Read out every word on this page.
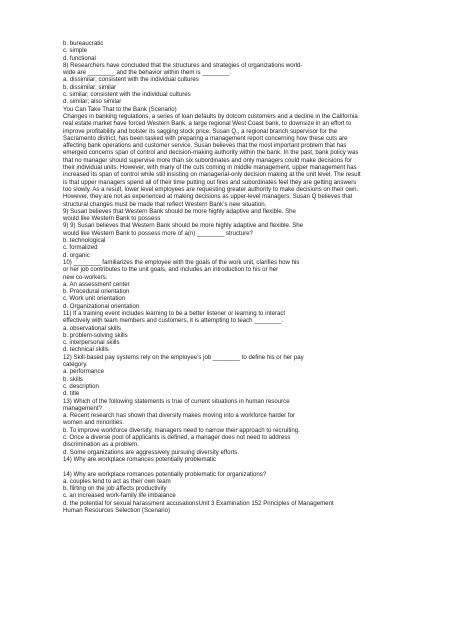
b. bureaucratic
c. simple
d. functional
8) Researchers have concluded that the structures and strategies of organizations world-
wide are ________ and the behavior within them is ________.
a. dissimilar; consistent with the individual cultures
b. dissimilar; similar
c. similar; consistent with the individual cultures
d. similar; also similar
You Can Take That to the Bank (Scenario)
Changes in banking regulations, a series of loan defaults by dotcom customers and a decline in the California
real estate market have forced Western Bank, a large regional West Coast bank, to downsize in an effort to
improve profitability and bolster its sagging stock price. Susan Q., a regional branch supervisor for the
Sacramento district, has been tasked with preparing a management report concerning how these cuts are
affecting bank operations and customer service. Susan believes that the most important problem that has
emerged concerns span of control and decision-making authority within the bank. In the past, bank policy was
that no manager should supervise more than six subordinates and only managers could make decisions for
their individual units. However, with many of the cuts coming in middle management, upper management has
increased its span of control while still insisting on managerial-only decision making at the unit level. The result
is that upper managers spend all of their time putting out fires and subordinates feel they are getting answers
too slowly. As a result, lower level employees are requesting greater authority to make decisions on their own.
However, they are not as experienced at making decisions as upper-level managers. Susan Q believes that
structural changes must be made that reflect Western Bank’s new situation.
9) Susan believes that Western Bank should be more highly adaptive and flexible. She
would like Western Bank to possess
9) 9) Susan believes that Western Bank should be more highly adaptive and flexible. She
would like Western Bank to possess more of a(n) ________ structure?
b. technological
c. formalized
d. organic
10) ________ familiarizes the employee with the goals of the work unit, clarifies how his
or her job contributes to the unit goals, and includes an introduction to his or her
new co-workers.
a. An assessment center
b. Procedural orientation
c. Work unit orientation
d. Organizational orientation
11) If a training event includes learning to be a better listener or learning to interact
effectively with team members and customers, it is attempting to teach ________.
a. observational skills
b. problem-solving skills
c. interpersonal skills
d. technical skills
12) Skill-based pay systems rely on the employee’s job ________ to define his or her pay
category.
a. performance
b. skills
c. description
d. title
13) Which of the following statements is true of current situations in human resource
management?
a. Recent research has shown that diversity makes moving into a workforce harder for
women and minorities.
b. To improve workforce diversity, managers need to narrow their approach to recruiting.
c. Once a diverse pool of applicants is defined, a manager does not need to address
discrimination as a problem.
d. Some organizations are aggressively pursuing diversity efforts.
14) Why are workplace romances potentially problematic
14) Why are workplace romances potentially problematic for organizations?
a. couples tend to act as their own team
b. flirting on the job affects productivity
c. an increased work-family life imbalance
d. the potential for sexual harassment accusationsUnit 3 Examination 152 Principles of Management
Human Resources Selection (Scenario)
